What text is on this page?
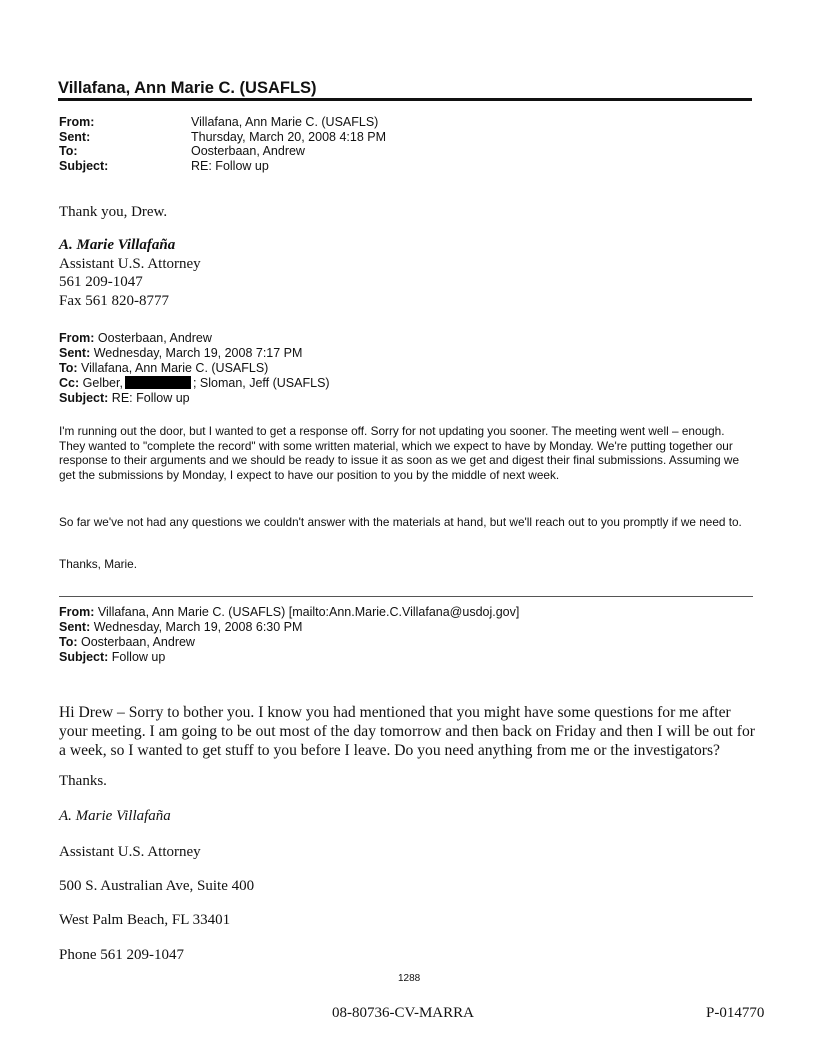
Villafana, Ann Marie C. (USAFLS)
From:	Villafana, Ann Marie C. (USAFLS)
Sent:	Thursday, March 20, 2008 4:18 PM
To:	Oosterbaan, Andrew
Subject:	RE: Follow up
Thank you, Drew.
A. Marie Villafaña
Assistant U.S. Attorney
561 209-1047
Fax 561 820-8777
From: Oosterbaan, Andrew
Sent: Wednesday, March 19, 2008 7:17 PM
To: Villafana, Ann Marie C. (USAFLS)
Cc: Gelber,	; Sloman, Jeff (USAFLS)
Subject: RE: Follow up
I'm running out the door, but I wanted to get a response off. Sorry for not updating you sooner. The meeting went well – enough. They wanted to "complete the record" with some written material, which we expect to have by Monday. We're putting together our response to their arguments and we should be ready to issue it as soon as we get and digest their final submissions. Assuming we get the submissions by Monday, I expect to have our position to you by the middle of next week.
So far we've not had any questions we couldn't answer with the materials at hand, but we'll reach out to you promptly if we need to.
Thanks, Marie.
From: Villafana, Ann Marie C. (USAFLS) [mailto:Ann.Marie.C.Villafana@usdoj.gov]
Sent: Wednesday, March 19, 2008 6:30 PM
To: Oosterbaan, Andrew
Subject: Follow up
Hi Drew – Sorry to bother you. I know you had mentioned that you might have some questions for me after your meeting. I am going to be out most of the day tomorrow and then back on Friday and then I will be out for a week, so I wanted to get stuff to you before I leave. Do you need anything from me or the investigators?
Thanks.
A. Marie Villafaña
Assistant U.S. Attorney
500 S. Australian Ave, Suite 400
West Palm Beach, FL 33401
Phone 561 209-1047
1288
08-80736-CV-MARRA	P-014770
